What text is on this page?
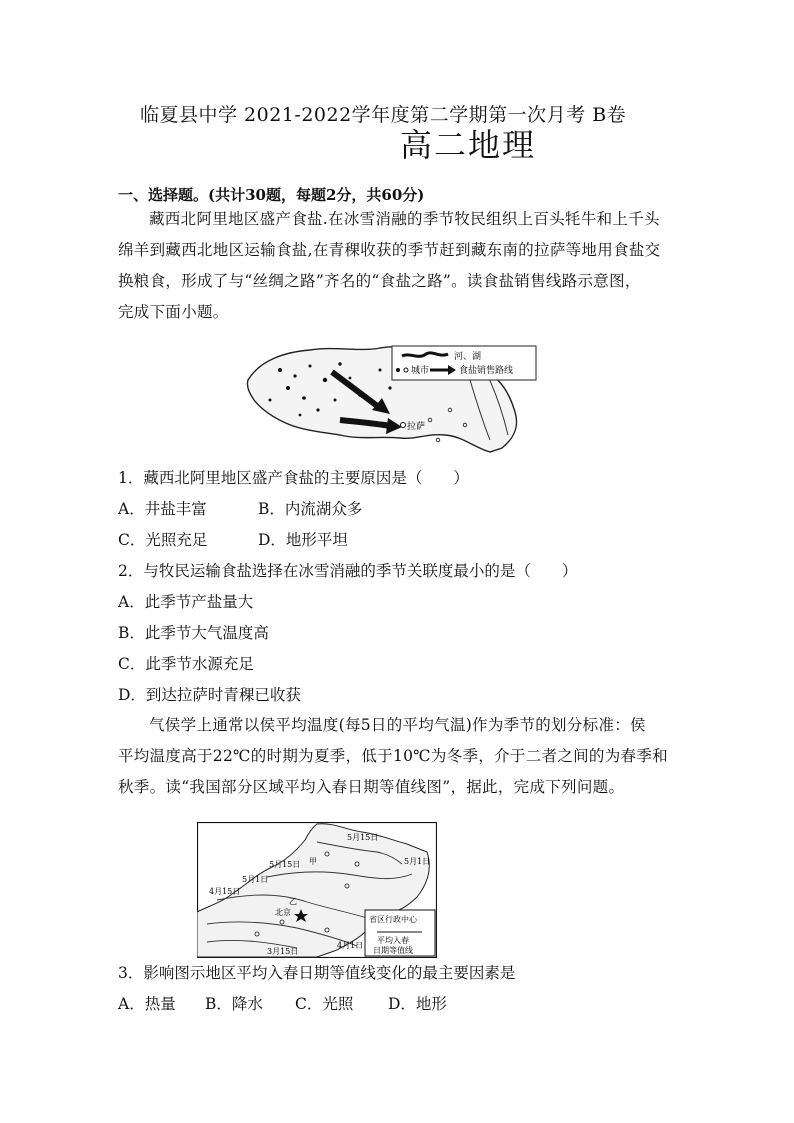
临夏县中学 2021-2022学年度第二学期第一次月考 B卷
高二地理
一、选择题。(共计30题，每题2分，共60分)

藏西北阿里地区盛产食盐.在冰雪消融的季节牧民组织上百头牦牛和上千头

绵羊到藏西北地区运输食盐,在青稞收获的季节赶到藏东南的拉萨等地用食盐交

换粮食，形成了与“丝绸之路”齐名的“食盐之路”。读食盐销售线路示意图，

完成下面小题。

拉萨
河、湖
城市	食盐销售路线
1．藏西北阿里地区盛产食盐的主要原因是（　　）
A．井盐丰富	B．内流湖众多
C．光照充足	D．地形平坦
2．与牧民运输食盐选择在冰雪消融的季节关联度最小的是（　　）
A．此季节产盐量大
B．此季节大气温度高
C．此季节水源充足
D．到达拉萨时青稞已收获

气侯学上通常以侯平均温度(每5日的平均气温)作为季节的划分标准：侯

平均温度高于22℃的时期为夏季，低于10℃为冬季，介于二者之间的为春季和

秋季。读“我国部分区域平均入春日期等值线图”，据此，完成下列问题。

5月15日
5月1日
5月15日
5月1日
4月15日
甲
乙
北京
4月1日
3月15日
省区行政中心
平均入春
日期等值线
3．影响图示地区平均入春日期等值线变化的最主要因素是
A．热量 B．降水 C．光照 D．地形
